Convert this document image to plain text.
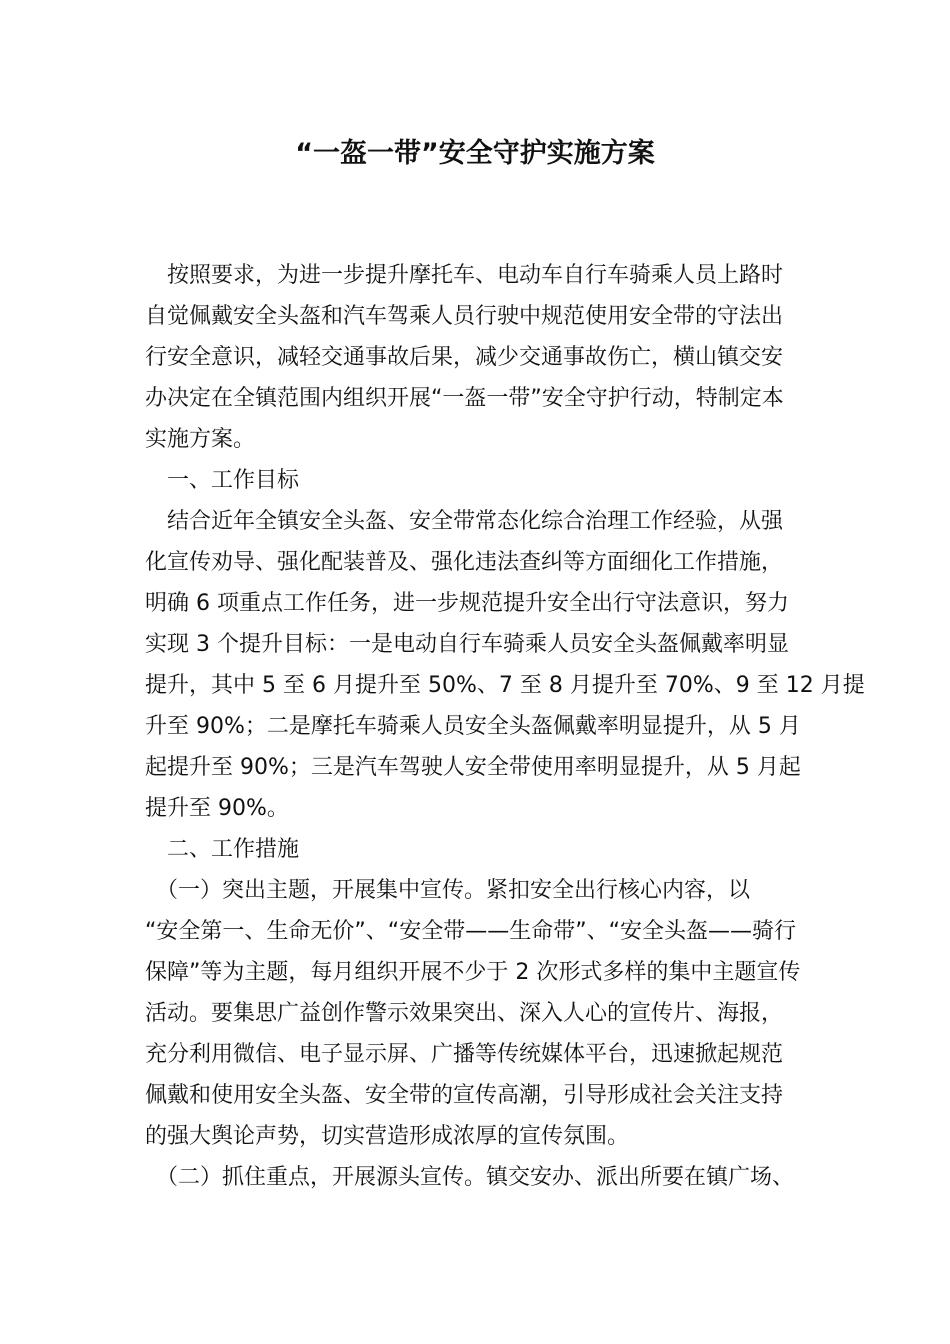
“一盔一带”安全守护实施方案
　按照要求，为进一步提升摩托车、电动车自行车骑乘人员上路时
自觉佩戴安全头盔和汽车驾乘人员行驶中规范使用安全带的守法出
行安全意识，减轻交通事故后果，减少交通事故伤亡，横山镇交安
办决定在全镇范围内组织开展“一盔一带”安全守护行动，特制定本
实施方案。
　一、工作目标
　结合近年全镇安全头盔、安全带常态化综合治理工作经验，从强
化宣传劝导、强化配装普及、强化违法查纠等方面细化工作措施，
明确 6 项重点工作任务，进一步规范提升安全出行守法意识，努力
实现 3 个提升目标：一是电动自行车骑乘人员安全头盔佩戴率明显
提升，其中 5 至 6 月提升至 50%、7 至 8 月提升至 70%、9 至 12 月提
升至 90%；二是摩托车骑乘人员安全头盔佩戴率明显提升，从 5 月
起提升至 90%；三是汽车驾驶人安全带使用率明显提升，从 5 月起
提升至 90%。
　二、工作措施
　（一）突出主题，开展集中宣传。紧扣安全出行核心内容，以
“安全第一、生命无价”、“安全带——生命带”、“安全头盔——骑行
保障”等为主题，每月组织开展不少于 2 次形式多样的集中主题宣传
活动。要集思广益创作警示效果突出、深入人心的宣传片、海报，
充分利用微信、电子显示屏、广播等传统媒体平台，迅速掀起规范
佩戴和使用安全头盔、安全带的宣传高潮，引导形成社会关注支持
的强大舆论声势，切实营造形成浓厚的宣传氛围。
　（二）抓住重点，开展源头宣传。镇交安办、派出所要在镇广场、
